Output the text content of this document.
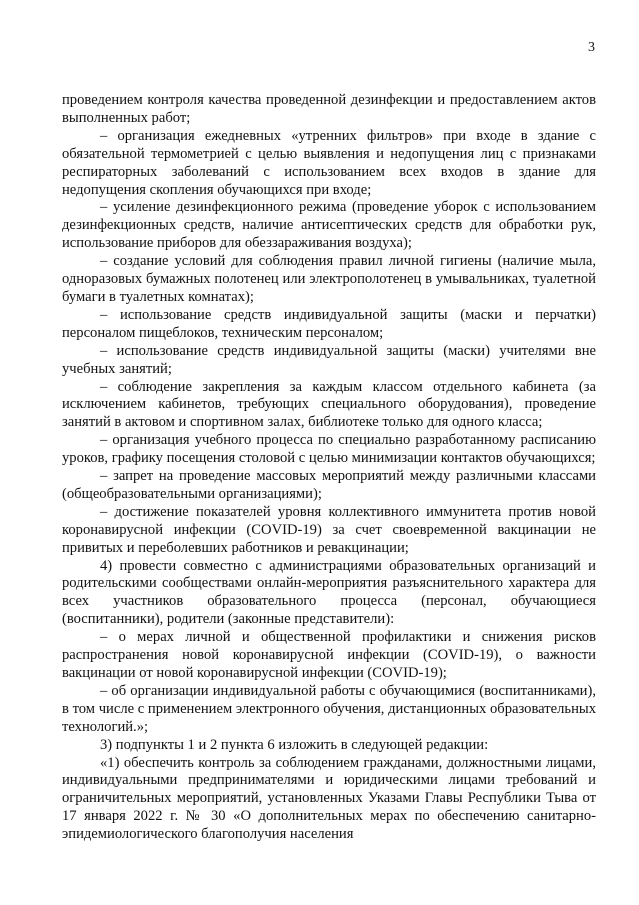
3

проведением контроля качества проведенной дезинфекции и предоставлением актов выполненных работ;

– организация ежедневных «утренних фильтров» при входе в здание с обязательной термометрией с целью выявления и недопущения лиц с признаками респираторных заболеваний с использованием всех входов в здание для недопущения скопления обучающихся при входе;

– усиление дезинфекционного режима (проведение уборок с использованием дезинфекционных средств, наличие антисептических средств для обработки рук, использование приборов для обеззараживания воздуха);

– создание условий для соблюдения правил личной гигиены (наличие мыла, одноразовых бумажных полотенец или электрополотенец в умывальниках, туалетной бумаги в туалетных комнатах);

– использование средств индивидуальной защиты (маски и перчатки) персоналом пищеблоков, техническим персоналом;

– использование средств индивидуальной защиты (маски) учителями вне учебных занятий;

– соблюдение закрепления за каждым классом отдельного кабинета (за исключением кабинетов, требующих специального оборудования), проведение занятий в актовом и спортивном залах, библиотеке только для одного класса;

– организация учебного процесса по специально разработанному расписанию уроков, графику посещения столовой с целью минимизации контактов обучающихся;

– запрет на проведение массовых мероприятий между различными классами (общеобразовательными организациями);

– достижение показателей уровня коллективного иммунитета против новой коронавирусной инфекции (COVID-19) за счет своевременной вакцинации не привитых и переболевших работников и ревакцинации;

4) провести совместно с администрациями образовательных организаций и родительскими сообществами онлайн-мероприятия разъяснительного характера для всех участников образовательного процесса (персонал, обучающиеся (воспитанники), родители (законные представители):

– о мерах личной и общественной профилактики и снижения рисков распространения новой коронавирусной инфекции (COVID-19), о важности вакцинации от новой коронавирусной инфекции (COVID-19);

– об организации индивидуальной работы с обучающимися (воспитанниками), в том числе с применением электронного обучения, дистанционных образовательных технологий.»;

3) подпункты 1 и 2 пункта 6 изложить в следующей редакции:

«1) обеспечить контроль за соблюдением гражданами, должностными лицами, индивидуальными предпринимателями и юридическими лицами требований и ограничительных мероприятий, установленных Указами Главы Республики Тыва от 17 января 2022 г. № 30 «О дополнительных мерах по обеспечению санитарно-эпидемиологического благополучия населения
